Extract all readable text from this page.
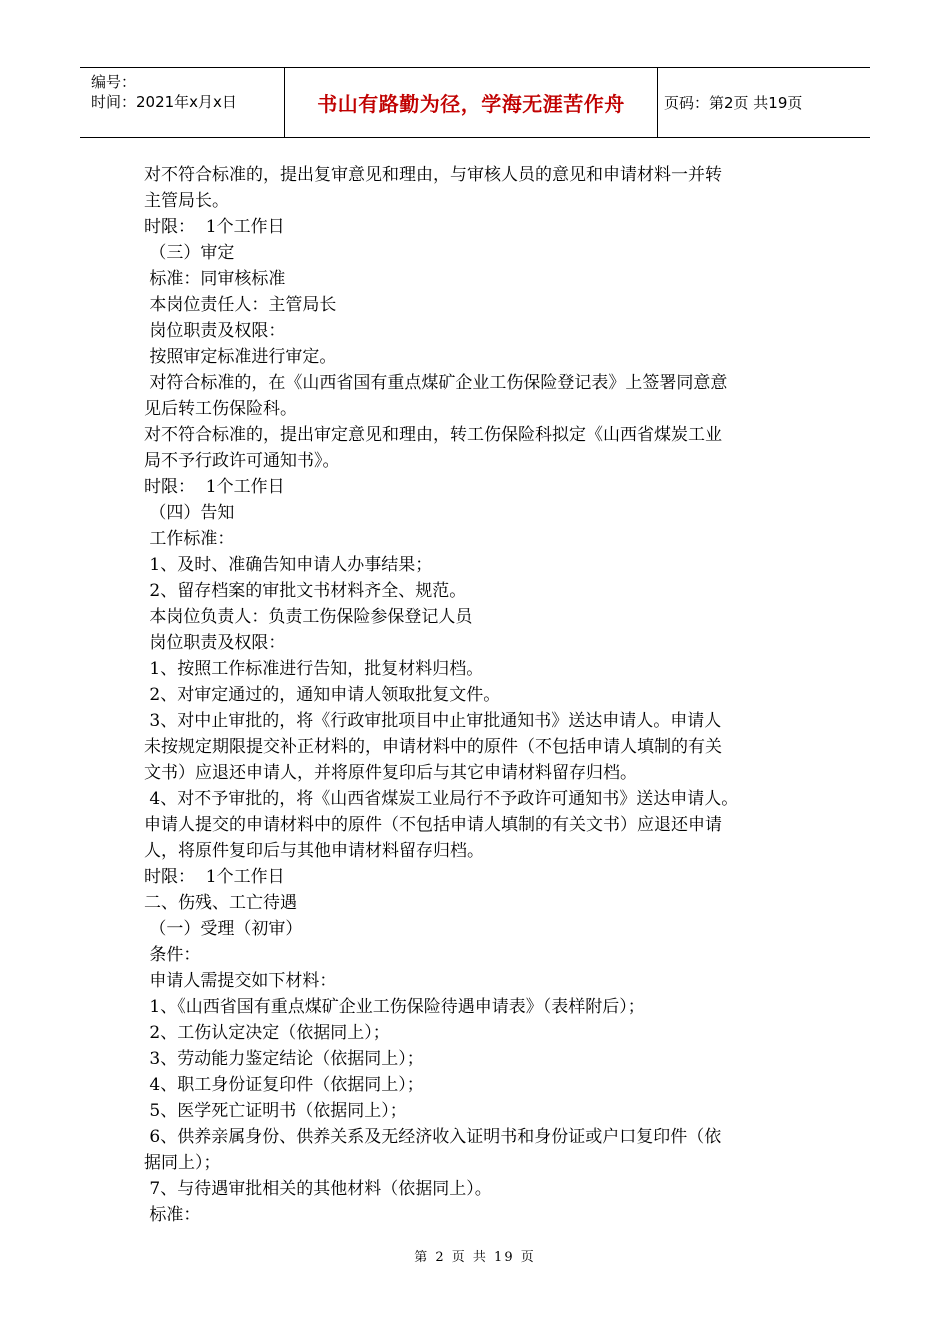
编号：
时间：2021年x月x日	书山有路勤为径，学海无涯苦作舟	页码：第2页 共19页

对不符合标准的，提出复审意见和理由，与审核人员的意见和申请材料一并转

主管局长。

时限：  1个工作日

（三）审定

标准：同审核标准

本岗位责任人：主管局长

岗位职责及权限：

按照审定标准进行审定。

对符合标准的，在《山西省国有重点煤矿企业工伤保险登记表》上签署同意意

见后转工伤保险科。

对不符合标准的，提出审定意见和理由，转工伤保险科拟定《山西省煤炭工业

局不予行政许可通知书》。

时限：  1个工作日

（四）告知

工作标准：

1、及时、准确告知申请人办事结果；

2、留存档案的审批文书材料齐全、规范。

本岗位负责人：负责工伤保险参保登记人员

岗位职责及权限：

1、按照工作标准进行告知，批复材料归档。

2、对审定通过的，通知申请人领取批复文件。

3、对中止审批的，将《行政审批项目中止审批通知书》送达申请人。申请人

未按规定期限提交补正材料的，申请材料中的原件（不包括申请人填制的有关

文书）应退还申请人，并将原件复印后与其它申请材料留存归档。

4、对不予审批的，将《山西省煤炭工业局行不予政许可通知书》送达申请人。

申请人提交的申请材料中的原件（不包括申请人填制的有关文书）应退还申请

人，将原件复印后与其他申请材料留存归档。

时限：  1个工作日

二、伤残、工亡待遇

（一）受理（初审）

条件：

申请人需提交如下材料：

1、《山西省国有重点煤矿企业工伤保险待遇申请表》（表样附后）；

2、工伤认定决定（依据同上）；

3、劳动能力鉴定结论（依据同上）；

4、职工身份证复印件（依据同上）；

5、医学死亡证明书（依据同上）；

6、供养亲属身份、供养关系及无经济收入证明书和身份证或户口复印件（依

据同上）；

7、与待遇审批相关的其他材料（依据同上）。

标准：

第 2 页 共 19 页
